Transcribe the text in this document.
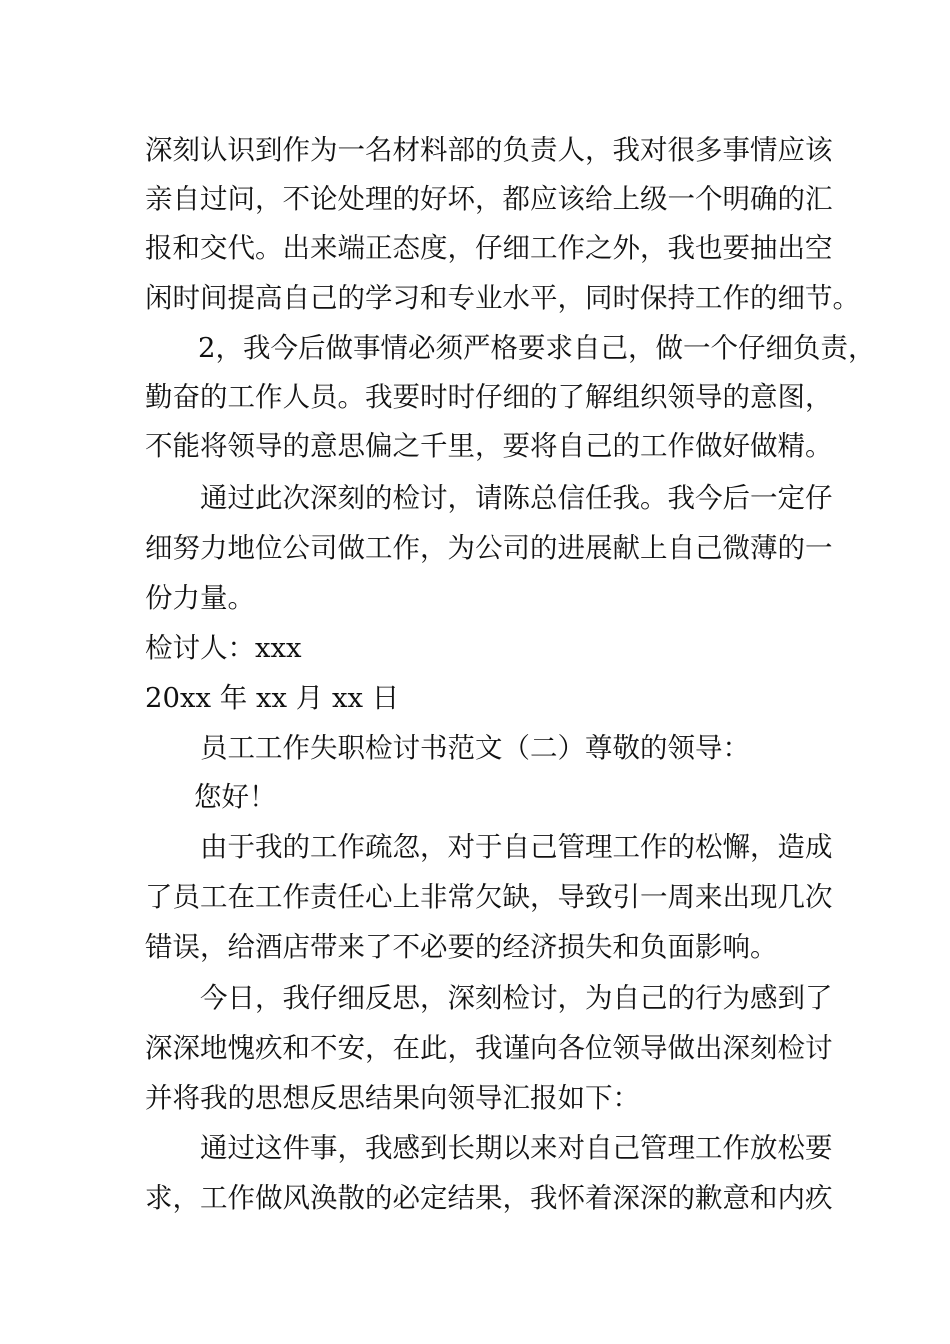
深刻认识到作为一名材料部的负责人，我对很多事情应该
亲自过问，不论处理的好坏，都应该给上级一个明确的汇
报和交代。出来端正态度，仔细工作之外，我也要抽出空
闲时间提高自己的学习和专业水平，同时保持工作的细节。
2，我今后做事情必须严格要求自己，做一个仔细负责，
勤奋的工作人员。我要时时仔细的了解组织领导的意图，
不能将领导的意思偏之千里，要将自己的工作做好做精。
通过此次深刻的检讨，请陈总信任我。我今后一定仔
细努力地位公司做工作，为公司的进展献上自己微薄的一
份力量。
检讨人：xxx
20xx 年 xx 月 xx 日
员工工作失职检讨书范文（二）尊敬的领导：
您好！
由于我的工作疏忽，对于自己管理工作的松懈，造成
了员工在工作责任心上非常欠缺，导致引一周来出现几次
错误，给酒店带来了不必要的经济损失和负面影响。
今日，我仔细反思，深刻检讨，为自己的行为感到了
深深地愧疚和不安，在此，我谨向各位领导做出深刻检讨
并将我的思想反思结果向领导汇报如下：
通过这件事，我感到长期以来对自己管理工作放松要
求，工作做风涣散的必定结果，我怀着深深的歉意和内疚
